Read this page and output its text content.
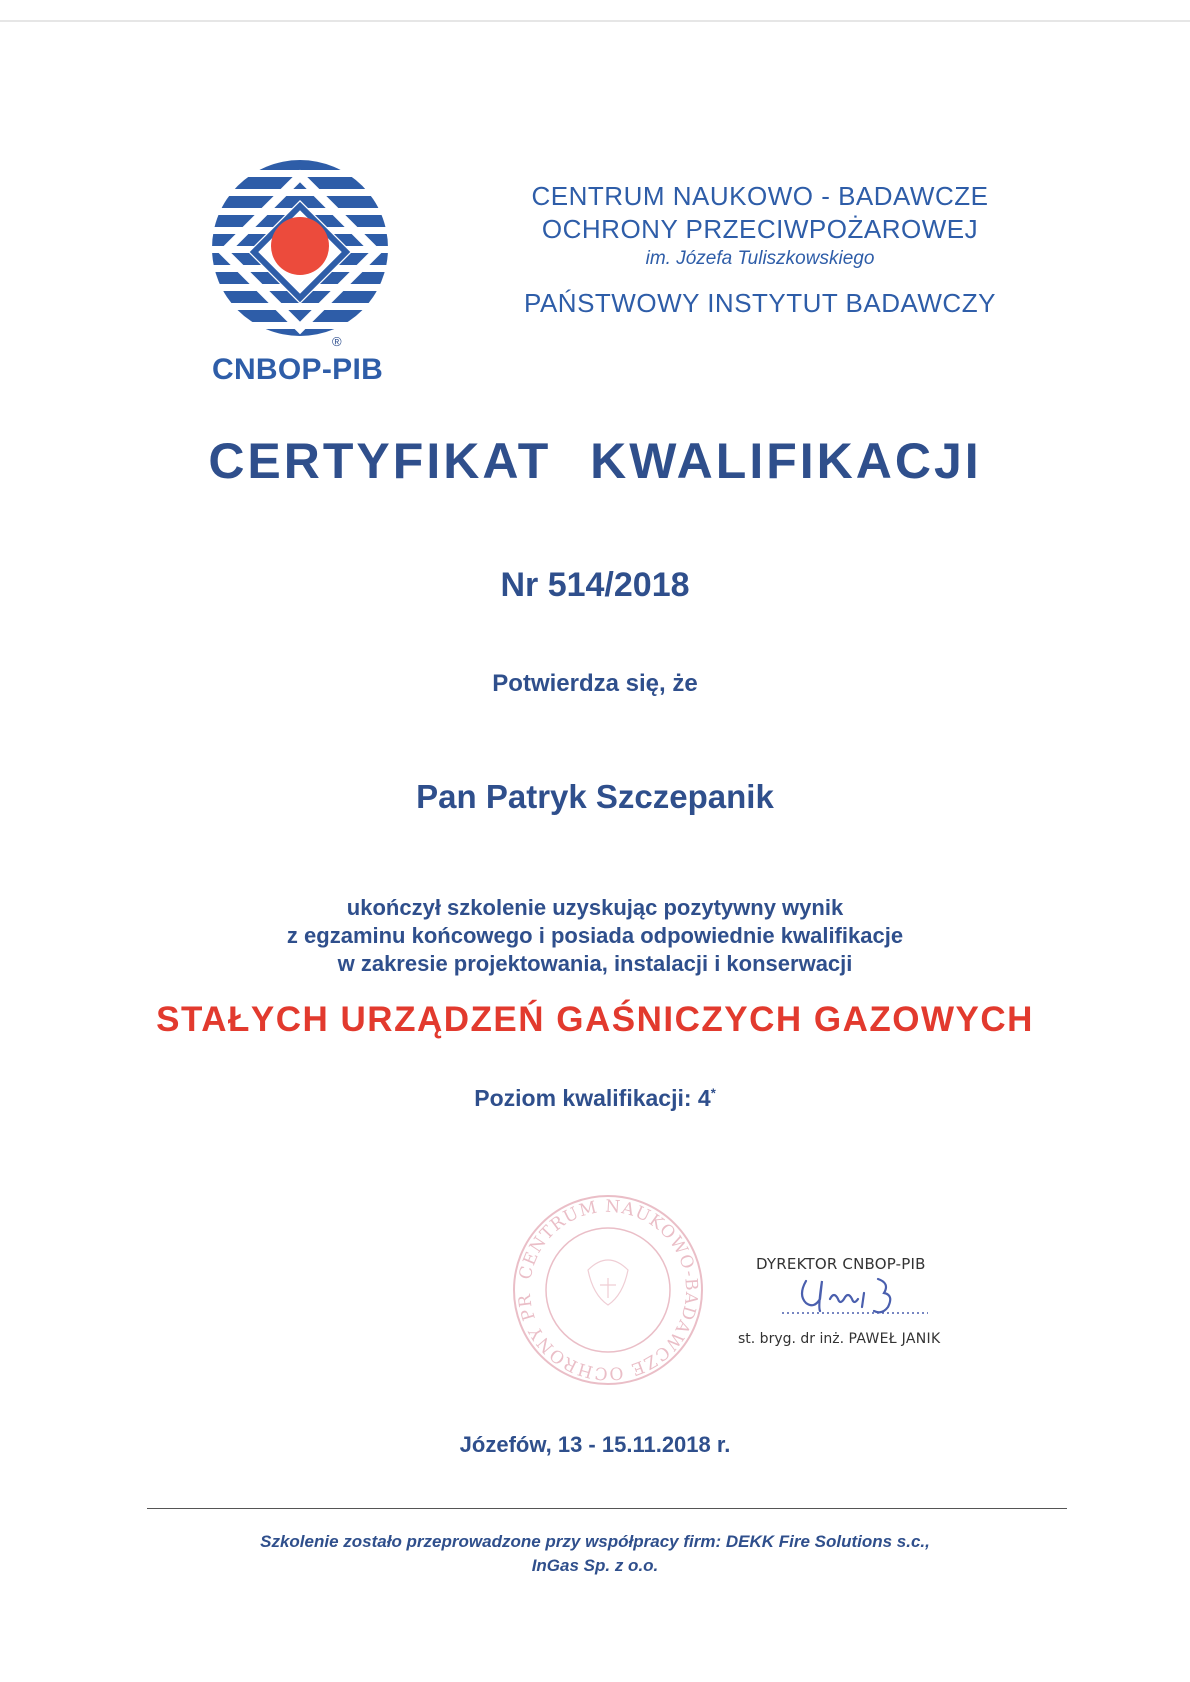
®
CNBOP-PIB
CENTRUM NAUKOWO - BADAWCZE
OCHRONY PRZECIWPOŻAROWEJ
im. Józefa Tuliszkowskiego
PAŃSTWOWY INSTYTUT BADAWCZY
CERTYFIKAT KWALIFIKACJI
Nr 514/2018
Potwierdza się, że
Pan Patryk Szczepanik
ukończył szkolenie uzyskując pozytywny wynik
z egzaminu końcowego i posiada odpowiednie kwalifikacje
w zakresie projektowania, instalacji i konserwacji
STAŁYCH URZĄDZEŃ GAŚNICZYCH GAZOWYCH
Poziom kwalifikacji: 4*
CENTRUM NAUKOWO-BADAWCZE OCHRONY PR
DYREKTOR CNBOP-PIB
st. bryg. dr inż. PAWEŁ JANIK
Józefów, 13 - 15.11.2018 r.
Szkolenie zostało przeprowadzone przy współpracy firm: DEKK Fire Solutions s.c.,
InGas Sp. z o.o.
